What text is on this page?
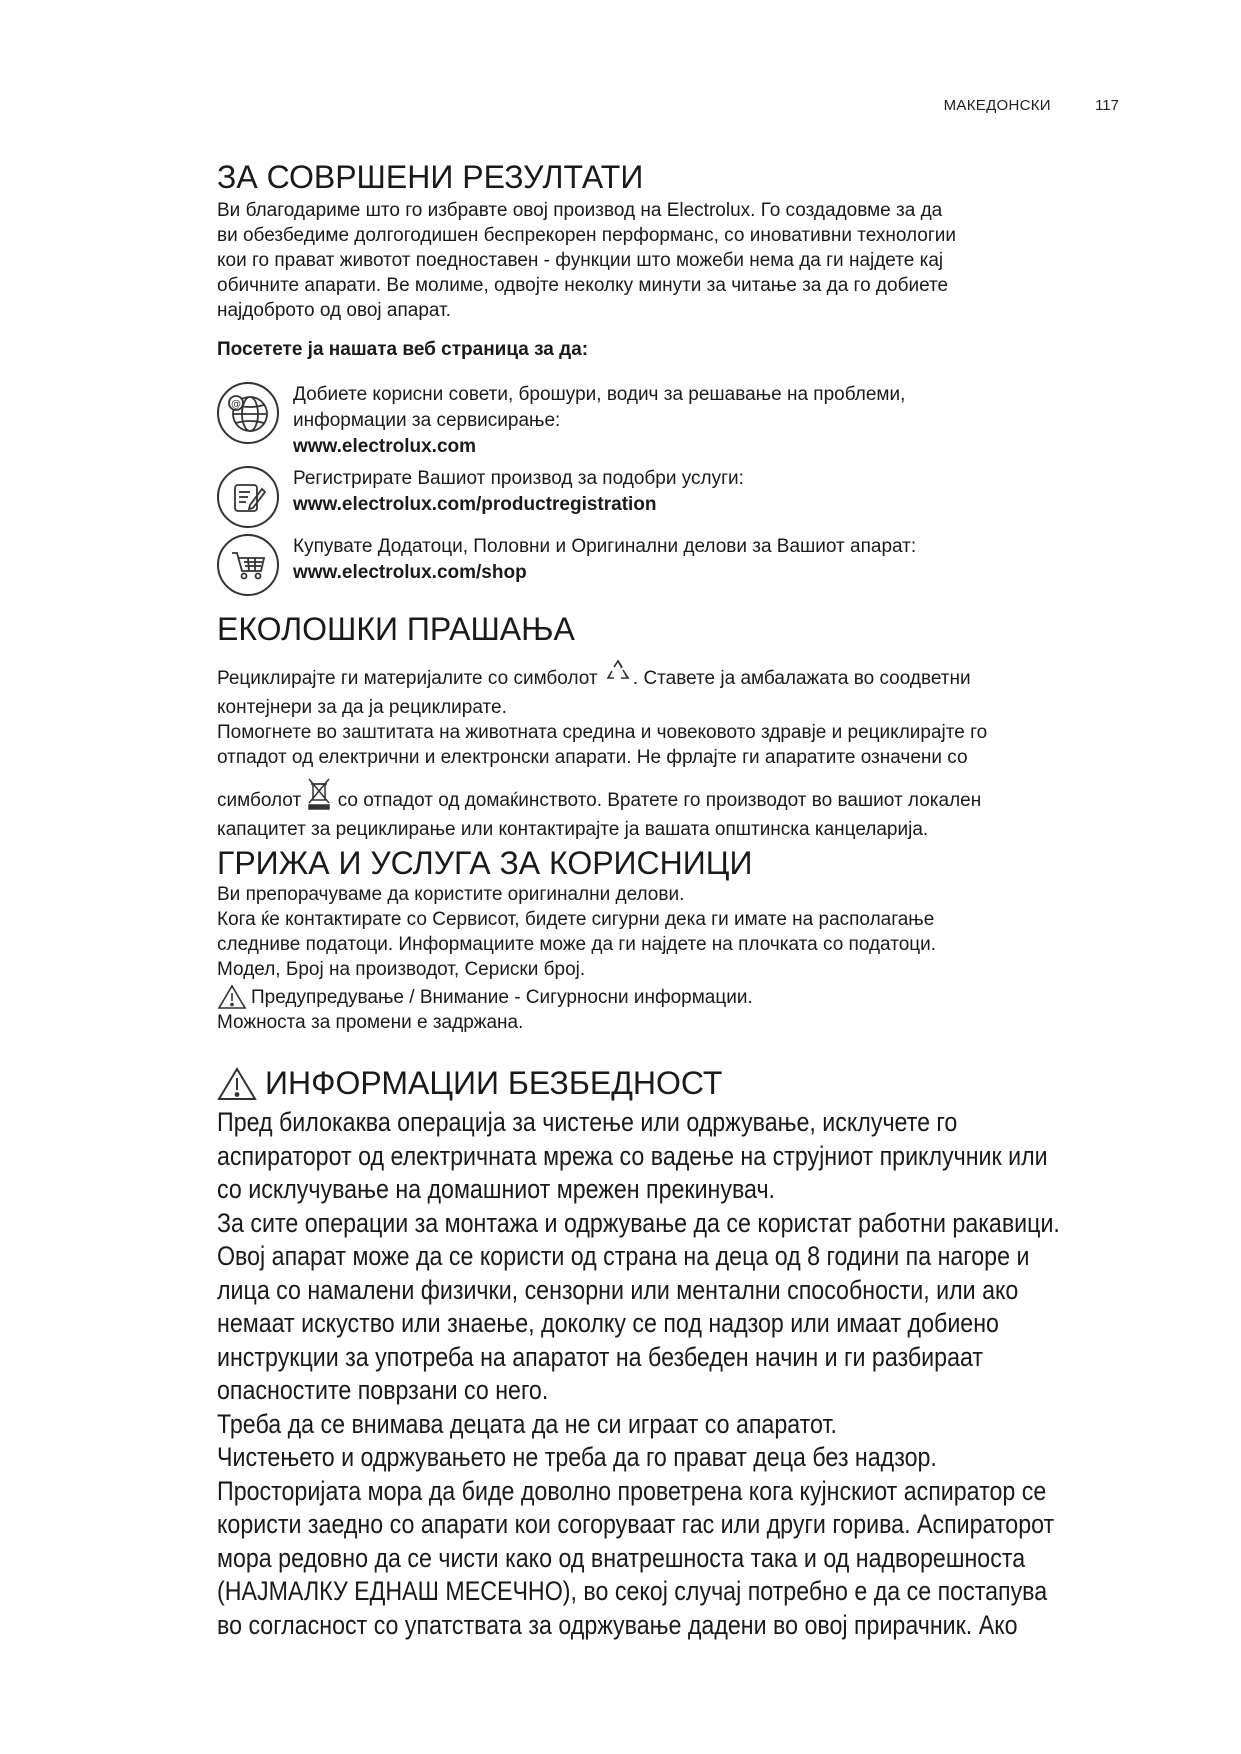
МАКЕДОНСКИ	117
ЗА СОВРШЕНИ РЕЗУЛТАТИ

Ви благодариме што го избравте овој производ на Electrolux. Го создадовме за да

ви обезбедиме долгогодишен беспрекорен перформанс, со иновативни технологии

кои го прават животот поедноставен - функции што можеби нема да ги најдете кај

обичните апарати. Ве молиме, одвојте неколку минути за читање за да го добиете

најдоброто од овој апарат.

Посетете ја нашата веб страница за да:

@	Добиете корисни совети, брошури, водич за решавање на проблеми,

информации за сервисирање:

www.electrolux.com

Регистрирате Вашиот производ за подобри услуги:

www.electrolux.com/productregistration

Купувате Додатоци, Половни и Оригинални делови за Вашиот апарат:

www.electrolux.com/shop

ЕКОЛОШКИ ПРАШАЊА

Рециклирајте ги материјалите со симболот . Ставете ја амбалажата во соодветни

контејнери за да ја рециклирате.

Помогнете во заштитата на животната средина и човековото здравје и рециклирајте го

отпадот од електрични и електронски апарати. Не фрлајте ги апаратите означени со

симболот со отпадот од домаќинството. Вратете го производот во вашиот локален

капацитет за рециклирање или контактирајте ја вашата општинска канцеларија.

ГРИЖА И УСЛУГА ЗА КОРИСНИЦИ

Ви препорачуваме да користите оригинални делови.

Кога ќе контактирате со Сервисот, бидете сигурни дека ги имате на располагање

следниве податоци. Информациите може да ги најдете на плочката со податоци.

Модел, Број на производот, Сериски број.

Предупредување / Внимание - Сигурносни информации.

Можноста за промени е задржана.

ИНФОРМАЦИИ БЕЗБЕДНОСТ

Пред билокаква операција за чистење или одржување, исклучете го

аспираторот од електричната мрежа со вадење на струјниот приклучник или

со исклучување на домашниот мрежен прекинувач.

За сите операции за монтажа и одржување да се користат работни ракавици.

Овој апарат може да се користи од страна на деца од 8 години па нагоре и

лица со намалени физички, сензорни или ментални способности, или ако

немаат искуство или знаење, доколку се под надзор или имаат добиено

инструкции за употреба на апаратот на безбеден начин и ги разбираат

опасностите поврзани со него.

Треба да се внимава децата да не си играат со апаратот.

Чистењето и одржувањето не треба да го прават деца без надзор.

Просторијата мора да биде доволно проветрена кога кујнскиот аспиратор се

користи заедно со апарати кои согоруваат гас или други горива. Аспираторот

мора редовно да се чисти како од внатрешноста така и од надворешноста

(НАЈМАЛКУ ЕДНАШ МЕСЕЧНО), во секој случај потребно е да се постапува

во согласност со упатствата за одржување дадени во овој прирачник. Ако
